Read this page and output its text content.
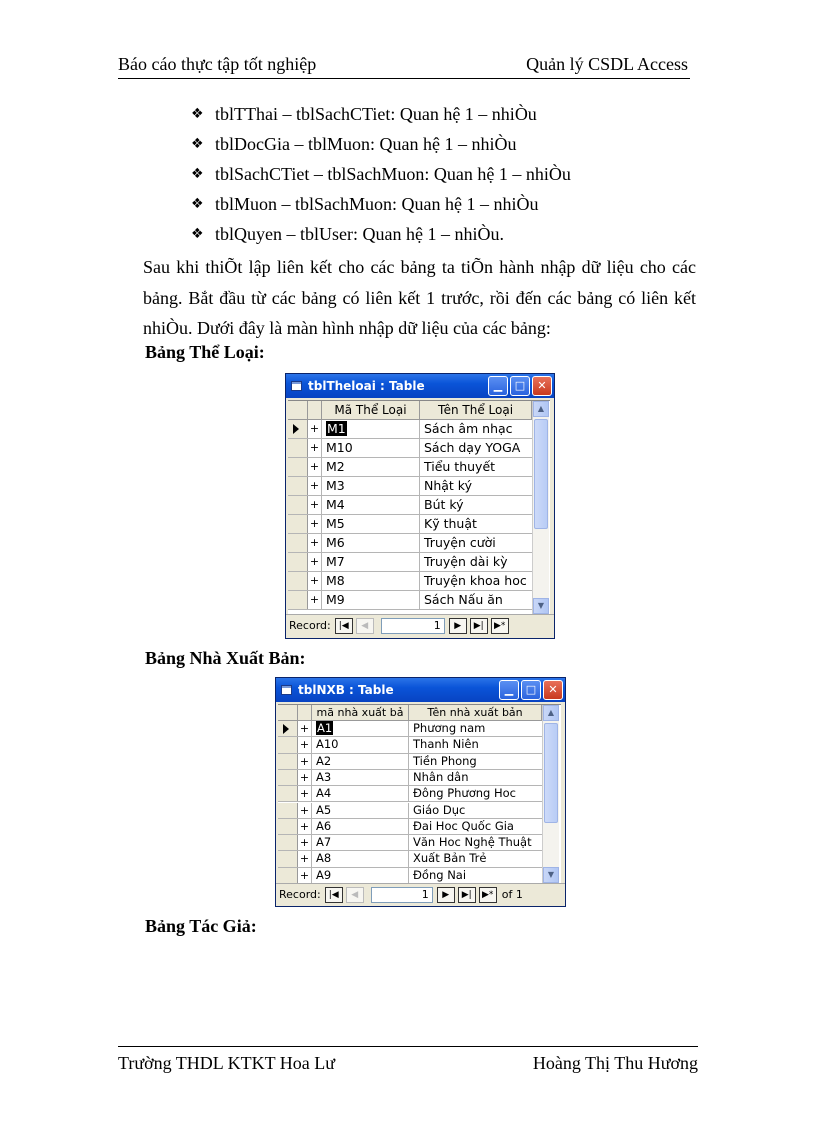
Báo cáo thực tập tốt nghiệp	Quản lý CSDL Access
❖ tblTThai – tblSachCTiet: Quan hệ 1 – nhiÒu
❖ tblDocGia – tblMuon: Quan hệ 1 – nhiÒu
❖ tblSachCTiet – tblSachMuon: Quan hệ 1 – nhiÒu
❖ tblMuon – tblSachMuon: Quan hệ 1 – nhiÒu
❖ tblQuyen – tblUser: Quan hệ 1 – nhiÒu.
Sau khi thiÕt lập liên kết cho các bảng ta tiÕn hành nhập dữ liệu cho các bảng. Bắt đầu từ các bảng có liên kết 1 trước, rồi đến các bảng có liên kết nhiÒu. Dưới đây là màn hình nhập dữ liệu của các bảng:
Bảng Thể Loại:
tblTheloai : Table	▁	□	✕
Mã Thể Loại	Tên Thể Loại
+ M1	Sách âm nhạc
+ M10	Sách dạy YOGA
+ M2	Tiểu thuyết
+ M3	Nhật ký
+ M4	Bút ký
+ M5	Kỹ thuật
+ M6	Truyện cười
+ M7	Truyện dài kỳ
+ M8	Truyện khoa hoc
+ M9	Sách Nấu ăn
▲
▼
Record: |◀	◀	1	▶	▶|	▶*
Bảng Nhà Xuất Bản:
tblNXB : Table	▁	□	✕
mã nhà xuất bả	Tên nhà xuất bản
+ A1	Phương nam
+ A10	Thanh Niên
+ A2	Tiền Phong
+ A3	Nhân dân
+ A4	Đông Phương Hoc
+ A5	Giáo Dục
+ A6	Đai Hoc Quốc Gia
+ A7	Văn Hoc Nghệ Thuật
+ A8	Xuất Bản Trẻ
+ A9	Đồng Nai
▲
▼
Record: |◀	◀	1	▶	▶|	▶* of 1
Bảng Tác Giả:
Trường THDL KTKT Hoa Lư	Hoàng Thị Thu Hương
